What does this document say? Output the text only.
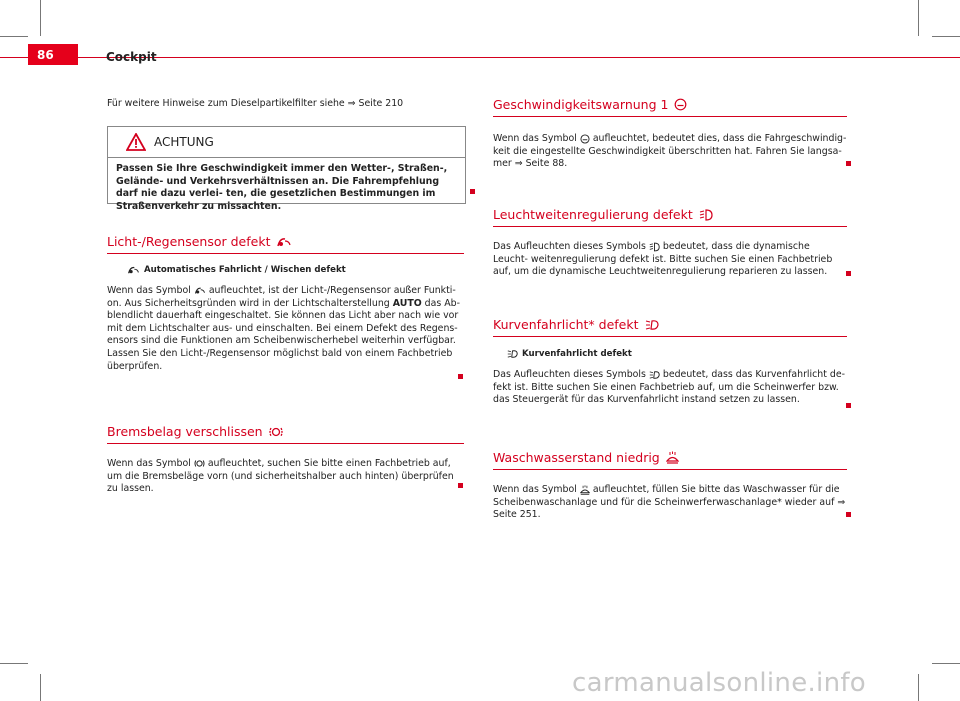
86	Cockpit

Für weitere Hinweise zum Dieselpartikelfilter siehe ⇒ Seite 210

ACHTUNG
Passen Sie Ihre Geschwindigkeit immer den Wetter-, Straßen-, Gelände- und Verkehrsverhältnissen an. Die Fahrempfehlung darf nie dazu verlei- ten, die gesetzlichen Bestimmungen im Straßenverkehr zu missachten.
Licht-/Regensensor defekt
Automatisches Fahrlicht / Wischen defekt

Wenn das Symbol aufleuchtet, ist der Licht-/Regensensor außer Funkti- on. Aus Sicherheitsgründen wird in der Lichtschalterstellung AUTO das Ab- blendlicht dauerhaft eingeschaltet. Sie können das Licht aber nach wie vor mit dem Lichtschalter aus- und einschalten. Bei einem Defekt des Regens- ensors sind die Funktionen am Scheibenwischerhebel weiterhin verfügbar. Lassen Sie den Licht-/Regensensor möglichst bald von einem Fachbetrieb überprüfen.

Bremsbelag verschlissen

Wenn das Symbol aufleuchtet, suchen Sie bitte einen Fachbetrieb auf, um die Bremsbeläge vorn (und sicherheitshalber auch hinten) überprüfen zu lassen.

Geschwindigkeitswarnung 1

Wenn das Symbol aufleuchtet, bedeutet dies, dass die Fahrgeschwindig- keit die eingestellte Geschwindigkeit überschritten hat. Fahren Sie langsa- mer ⇒ Seite 88.

Leuchtweitenregulierung defekt

Das Aufleuchten dieses Symbols bedeutet, dass die dynamische Leucht- weitenregulierung defekt ist. Bitte suchen Sie einen Fachbetrieb auf, um die dynamische Leuchtweitenregulierung reparieren zu lassen.

Kurvenfahrlicht* defekt
Kurvenfahrlicht defekt

Das Aufleuchten dieses Symbols bedeutet, dass das Kurvenfahrlicht de- fekt ist. Bitte suchen Sie einen Fachbetrieb auf, um die Scheinwerfer bzw. das Steuergerät für das Kurvenfahrlicht instand setzen zu lassen.

Waschwasserstand niedrig

Wenn das Symbol aufleuchtet, füllen Sie bitte das Waschwasser für die Scheibenwaschanlage und für die Scheinwerferwaschanlage* wieder auf ⇒ Seite 251.

carmanualsonline.info
